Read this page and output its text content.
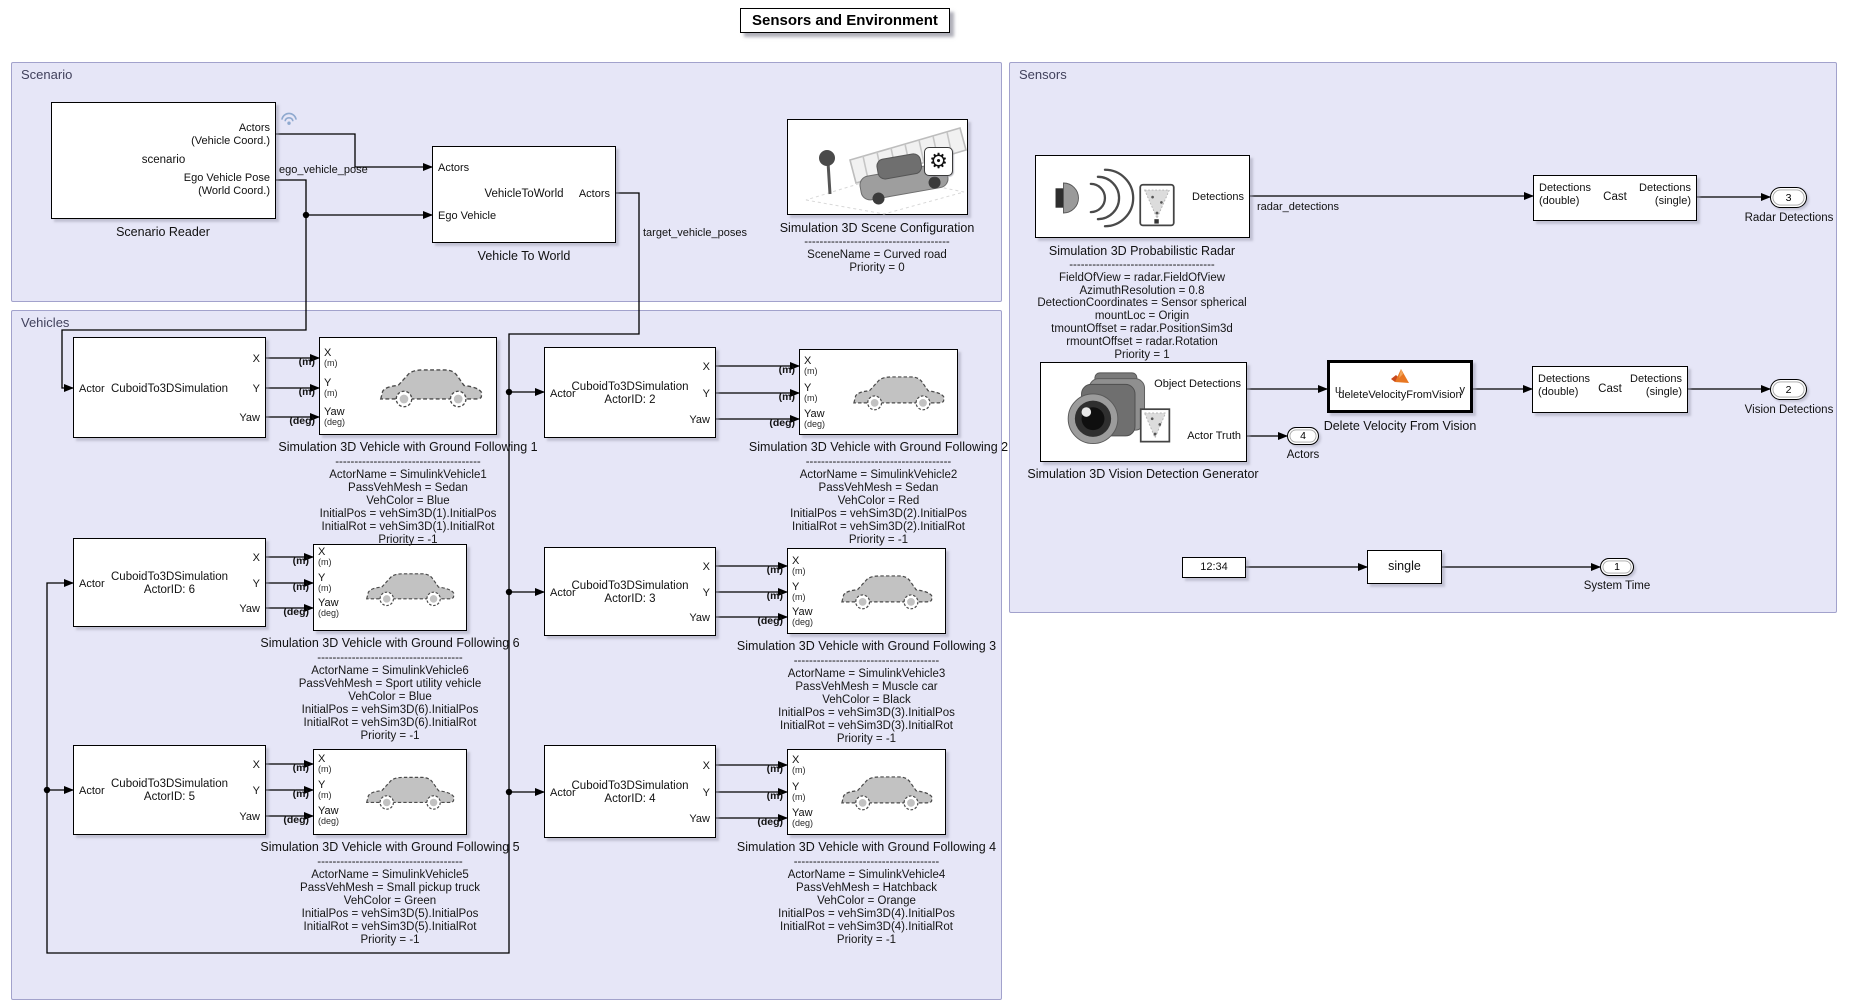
Sensors and Environment
Scenario
Vehicles
Sensors
ego_vehicle_pose
target_vehicle_poses
radar_detections
Actors
(Vehicle Coord.)
scenario
Ego Vehicle Pose
(World Coord.)
Scenario Reader
Actors
VehicleToWorld
Ego Vehicle
Actors
Vehicle To World
⚙
Simulation 3D Scene Configuration
--------------------------------------
SceneName = Curved road
Priority = 0
Detections
Simulation 3D Probabilistic Radar
--------------------------------------
FieldOfView = radar.FieldOfView
AzimuthResolution = 0.8
DetectionCoordinates = Sensor spherical
mountLoc = Origin
tmountOffset = radar.PositionSim3d
rmountOffset = radar.Rotation
Priority = 1
Detections
(double)	Cast
Detections
(single)	3
Radar Detections
Object Detections
Actor Truth
Simulation 3D Vision Detection Generator
4
Actors
u	y
deleteVelocityFromVision
Delete Velocity From Vision
Detections
(double)	Cast
Detections
(single)	2
Vision Detections
12:34	single	1
System Time
Actor CuboidTo3DSimulation
X
Y
Yaw
X
(m)
Y
(m)
Yaw
(deg)
(m)
(m)
(deg)
Simulation 3D Vehicle with Ground Following 1
--------------------------------------
ActorName = SimulinkVehicle1
PassVehMesh = Sedan
VehColor = Blue
InitialPos = vehSim3D(1).InitialPos
InitialRot = vehSim3D(1).InitialRot
Priority = -1
Actor
CuboidTo3DSimulation
ActorID: 2
X
Y
Yaw
X
(m)
Y
(m)
Yaw
(deg)
(m)
(m)
(deg)
Simulation 3D Vehicle with Ground Following 2
--------------------------------------
ActorName = SimulinkVehicle2
PassVehMesh = Sedan
VehColor = Red
InitialPos = vehSim3D(2).InitialPos
InitialRot = vehSim3D(2).InitialRot
Priority = -1
Actor
CuboidTo3DSimulation
ActorID: 6
X
Y
Yaw
X
(m)
Y
(m)
Yaw
(deg)
(m)
(m)
(deg)
Simulation 3D Vehicle with Ground Following 6
--------------------------------------
ActorName = SimulinkVehicle6
PassVehMesh = Sport utility vehicle
VehColor = Blue
InitialPos = vehSim3D(6).InitialPos
InitialRot = vehSim3D(6).InitialRot
Priority = -1
Actor
CuboidTo3DSimulation
ActorID: 3
X
Y
Yaw
X
(m)
Y
(m)
Yaw
(deg)
(m)
(m)
(deg)
Simulation 3D Vehicle with Ground Following 3
--------------------------------------
ActorName = SimulinkVehicle3
PassVehMesh = Muscle car
VehColor = Black
InitialPos = vehSim3D(3).InitialPos
InitialRot = vehSim3D(3).InitialRot
Priority = -1
Actor
CuboidTo3DSimulation
ActorID: 5
X
Y
Yaw
X
(m)
Y
(m)
Yaw
(deg)
(m)
(m)
(deg)
Simulation 3D Vehicle with Ground Following 5
--------------------------------------
ActorName = SimulinkVehicle5
PassVehMesh = Small pickup truck
VehColor = Green
InitialPos = vehSim3D(5).InitialPos
InitialRot = vehSim3D(5).InitialRot
Priority = -1
Actor
CuboidTo3DSimulation
ActorID: 4
X
Y
Yaw
X
(m)
Y
(m)
Yaw
(deg)
(m)
(m)
(deg)
Simulation 3D Vehicle with Ground Following 4
--------------------------------------
ActorName = SimulinkVehicle4
PassVehMesh = Hatchback
VehColor = Orange
InitialPos = vehSim3D(4).InitialPos
InitialRot = vehSim3D(4).InitialRot
Priority = -1
